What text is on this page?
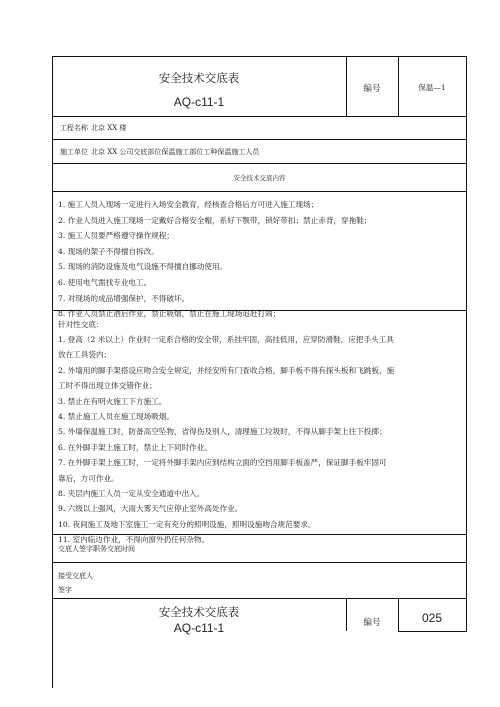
安全技术交底表
AQ-c11-1
编号	保温—1
工程名称 北京 XX 楼
施工单位 北京 XX 公司交底部位保温施工部位工种保温施工人员
安全技术交底内容
1. 施工人员入现场一定进行入场安全教育，经核查合格后方可进入施工现场；
2. 作业人员进入施工现场一定戴好合格安全帽，系好下颚带，锁好带扣；禁止赤背，穿拖鞋；
3. 施工人员要严格遵守操作规程；
4. 现场的架子不得擅自拆改。
5. 现场的消防设施及电气设施不得擅自挪动使用。
6. 使用电气需找专业电工。
7. 对现场的成品增强保护，不得破坏。
8. 作业人员禁止酒后作业，禁止吸烟，禁止在施工现场追赶打闹；
针对性交底：
1. 登高（2 米以上）作业时一定系合格的安全带，系挂牢固，高挂低用，应穿防滑鞋，应把手头工具
放在工具袋内；
2. 外墙用的脚手架搭设应吻合安全规定，并经安所有门查收合格，脚手板不得有探头板和飞跳板，施
工时不得出现立体交错作业；
3. 禁止在有明火施工下方施工。
4. 禁止施工人员在施工现场吸烟。
5. 外墙保温施工时，防备高空坠物，省得伤及别人，清理施工垃圾时，不得从脚手架上往下投掷；
6. 在外脚手架上施工时，禁止上下同时作业。
7. 在外脚手架上施工时，一定将外脚手架内应到结构立面的空挡用脚手板盖严，保证脚手板牢固可
靠后，方可作业。
8. 夹层内施工人员一定从安全通道中出入。
9. 六级以上强风，大雨大雾天气应停止室外高处作业。
10. 夜间施工及地下室施工一定有充分的照明设施，照明设施吻合规范要求。
11. 室内临边作业，不得向窗外扔任何杂物。
交底人签字职务交底时间
接受交底人
签字
安全技术交底表
AQ-c11-1	编号	025
